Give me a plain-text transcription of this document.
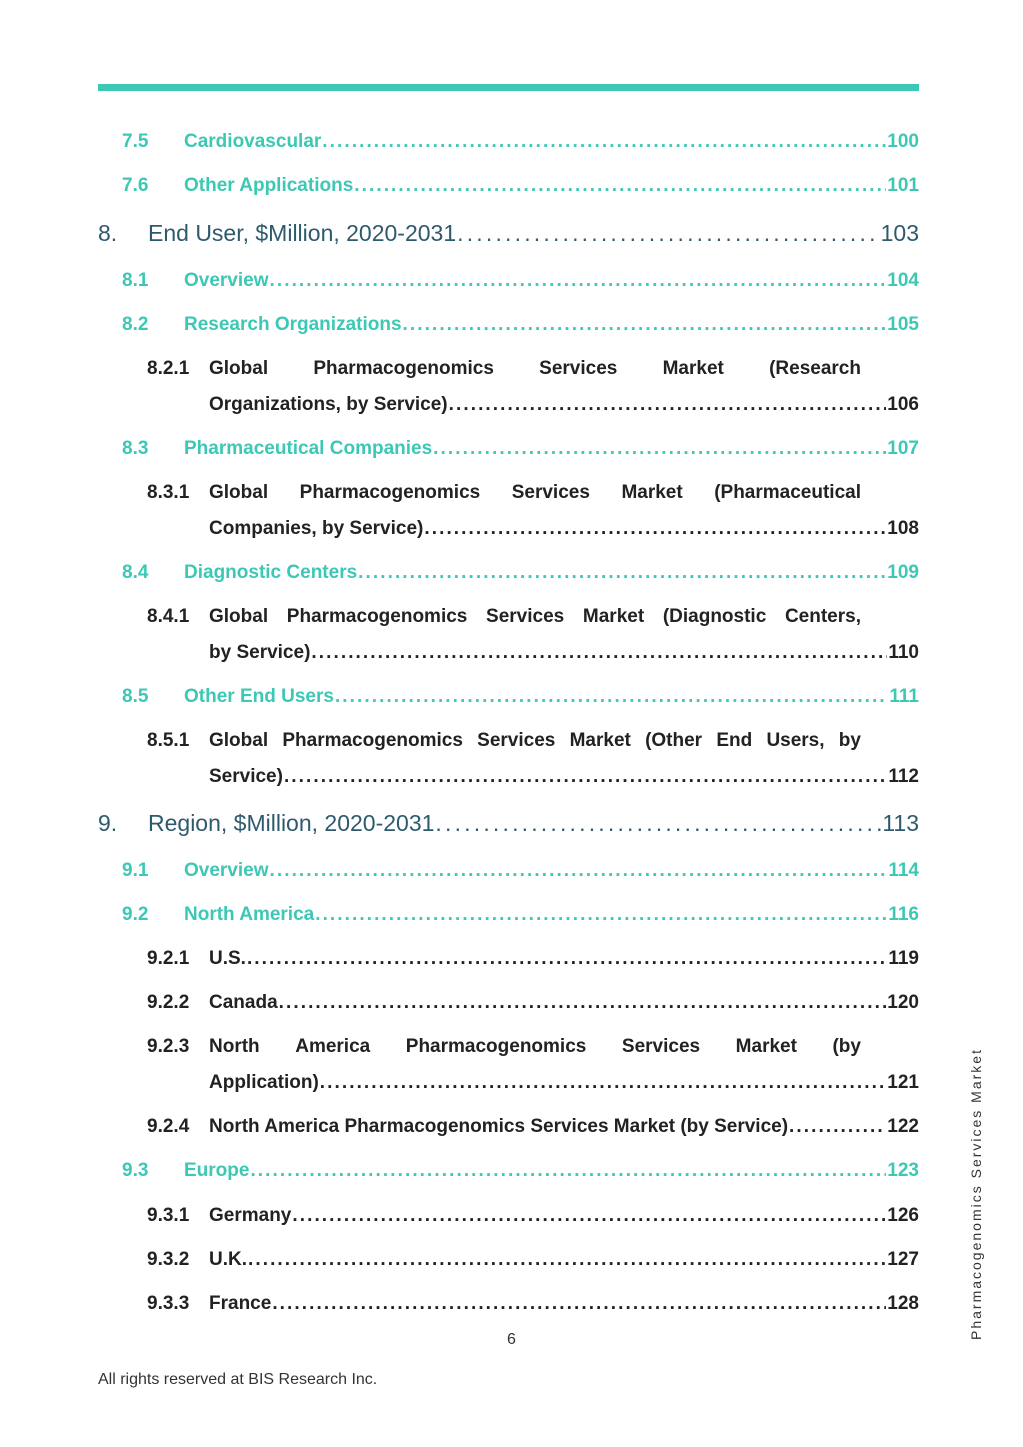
7.5	Cardiovascular . . .	100
7.6	Other Applications . . .	101
8.	End User, $Million, 2020-2031 . . .	103
8.1	Overview . . .	104
8.2	Research Organizations . . .	105
8.2.1	Global Pharmacogenomics Services Market (Research
Organizations, by Service) . . .	106
8.3	Pharmaceutical Companies . . .	107
8.3.1	Global Pharmacogenomics Services Market (Pharmaceutical
Companies, by Service) . . .	108
8.4	Diagnostic Centers . . .	109
8.4.1	Global Pharmacogenomics Services Market (Diagnostic Centers,
by Service) . . .	110
8.5	Other End Users . . .	111
8.5.1	Global Pharmacogenomics Services Market (Other End Users, by
Service) . . .	112
9.	Region, $Million, 2020-2031 . . .	113
9.1	Overview . . .	114
9.2	North America . . .	116
9.2.1	U.S. . . .	119
9.2.2	Canada . . .	120
9.2.3	North America Pharmacogenomics Services Market (by
Application) . . .	121
9.2.4	North America Pharmacogenomics Services Market (by Service) . . .	122
9.3	Europe . . .	123
9.3.1	Germany . . .	126
9.3.2	U.K. . . .	127
9.3.3	France . . .	128
6
All rights reserved at BIS Research Inc.
Pharmacogenomics Services Market
